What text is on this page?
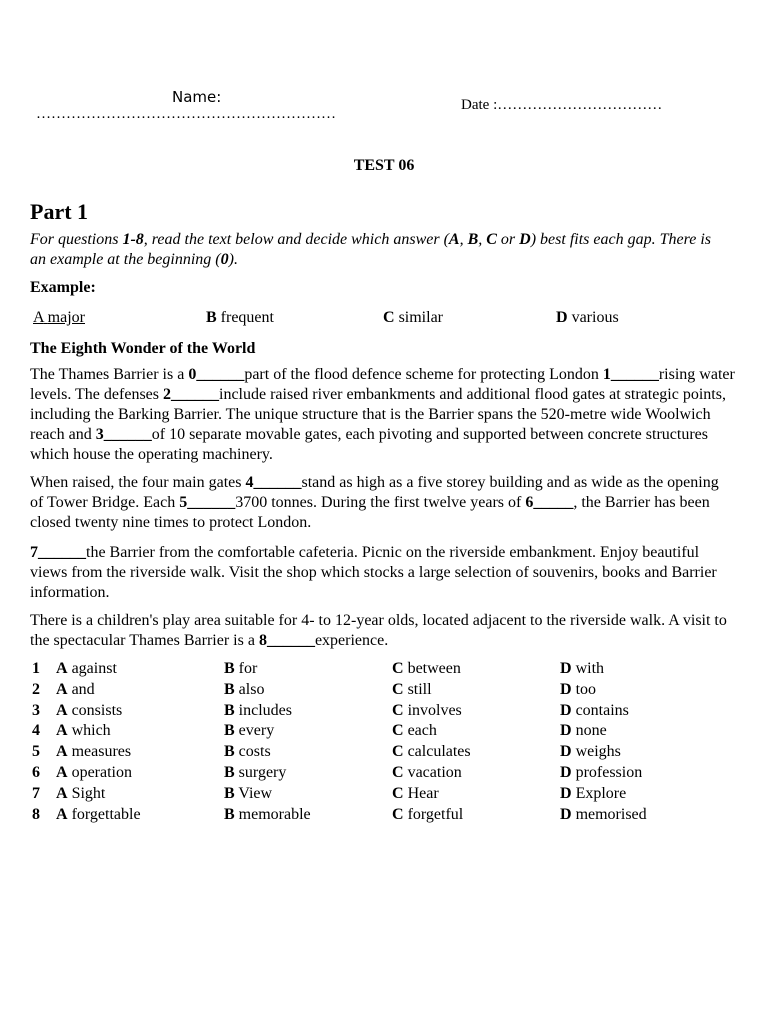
Name:
……………………………………………………
Date :……………………………
TEST 06
Part 1
For questions 1-8, read the text below and decide which answer (A, B, C or D) best fits each gap. There is an example at the beginning (0).
Example:
A major	B frequent	C similar	D various
The Eighth Wonder of the World
The Thames Barrier is a 0______part of the flood defence scheme for protecting London 1______rising water levels. The defenses 2______include raised river embankments and additional flood gates at strategic points, including the Barking Barrier. The unique structure that is the Barrier spans the 520-metre wide Woolwich reach and 3______of 10 separate movable gates, each pivoting and supported between concrete structures which house the operating machinery.
When raised, the four main gates 4______stand as high as a five storey building and as wide as the opening of Tower Bridge. Each 5______3700 tonnes. During the first twelve years of 6_____, the Barrier has been closed twenty nine times to protect London.
7______the Barrier from the comfortable cafeteria. Picnic on the riverside embankment. Enjoy beautiful views from the riverside walk. Visit the shop which stocks a large selection of souvenirs, books and Barrier information.
There is a children's play area suitable for 4- to 12-year olds, located adjacent to the riverside walk. A visit to the spectacular Thames Barrier is a 8______experience.
1	A against	B for	C between	D with
2	A and	B also	C still	D too
3	A consists	B includes	C involves	D contains
4	A which	B every	C each	D none
5	A measures	B costs	C calculates	D weighs
6	A operation	B surgery	C vacation	D profession
7	A Sight	B View	C Hear	D Explore
8	A forgettable	B memorable	C forgetful	D memorised
